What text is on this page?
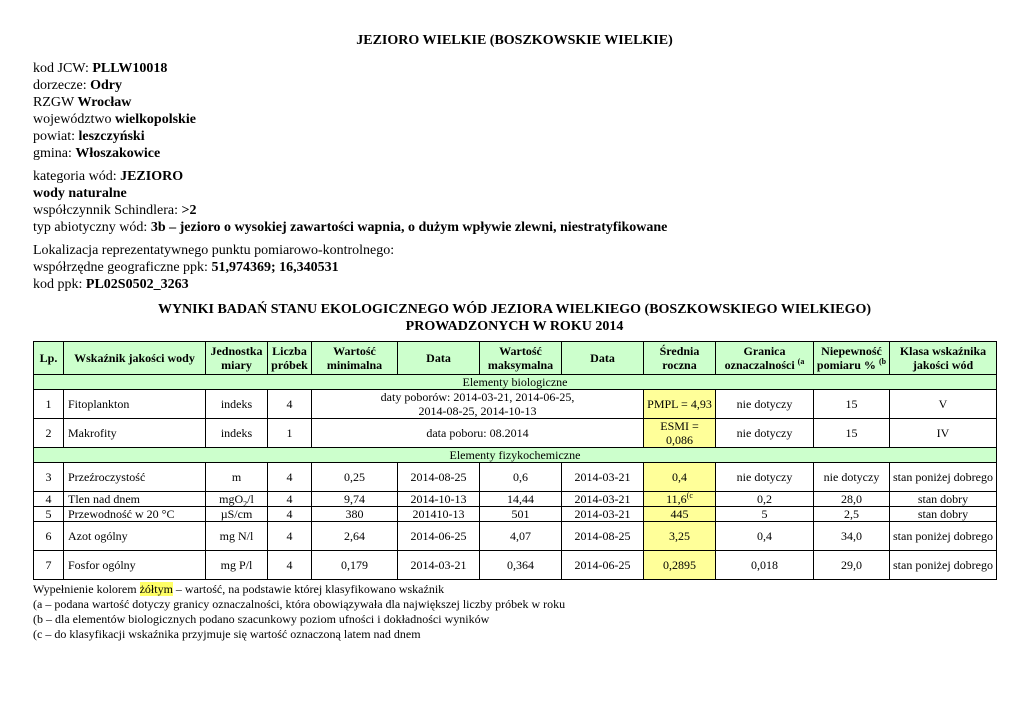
JEZIORO WIELKIE (BOSZKOWSKIE WIELKIE)
kod JCW: PLLW10018
dorzecze: Odry
RZGW Wrocław
województwo wielkopolskie
powiat: leszczyński
gmina: Włoszakowice
kategoria wód: JEZIORO
wody naturalne
współczynnik Schindlera: >2
typ abiotyczny wód: 3b – jezioro o wysokiej zawartości wapnia, o dużym wpływie zlewni, niestratyfikowane
Lokalizacja reprezentatywnego punktu pomiarowo-kontrolnego:
współrzędne geograficzne ppk: 51,974369; 16,340531
kod ppk: PL02S0502_3263
WYNIKI BADAŃ STANU EKOLOGICZNEGO WÓD JEZIORA WIELKIEGO (BOSZKOWSKIEGO WIELKIEGO)
PROWADZONYCH W ROKU 2014
Lp.	Wskaźnik jakości wody	Jednostka miary	Liczba próbek	Wartość minimalna	Data	Wartość maksymalna	Data	Średnia roczna	Granica oznaczalności $^{(a}$	Niepewność pomiaru % $^{(b}$	Klasa wskaźnika jakości wód
Elementy biologiczne											
1	Fitoplankton	indeks	4	daty poborów: 2014-03-21, 2014-06-25,
2014-08-25, 2014-10-13				PMPL = 4,93	nie dotyczy	15	V
2	Makrofity	indeks	1	data poboru: 08.2014				ESMI = 0,086	nie dotyczy	15	IV
Elementy fizykochemiczne											
3	Przeźroczystość	m	4	0,25	2014-08-25	0,6	2014-03-21	0,4	nie dotyczy	nie dotyczy	stan poniżej dobrego
4	Tlen nad dnem	mgO$_2$/l	4	9,74	2014-10-13	14,44	2014-03-21	11,6$^{(c}$	0,2	28,0	stan dobry
5	Przewodność w 20 °C	µS/cm	4	380	201410-13	501	2014-03-21	445	5	2,5	stan dobry
6	Azot ogólny	mg N/l	4	2,64	2014-06-25	4,07	2014-08-25	3,25	0,4	34,0	stan poniżej dobrego
7	Fosfor ogólny	mg P/l	4	0,179	2014-03-21	0,364	2014-06-25	0,2895	0,018	29,0	stan poniżej dobrego
Wypełnienie kolorem żółtym – wartość, na podstawie której klasyfikowano wskaźnik
(a – podana wartość dotyczy granicy oznaczalności, która obowiązywała dla największej liczby próbek w roku
(b – dla elementów biologicznych podano szacunkowy poziom ufności i dokładności wyników
(c – do klasyfikacji wskaźnika przyjmuje się wartość oznaczoną latem nad dnem
